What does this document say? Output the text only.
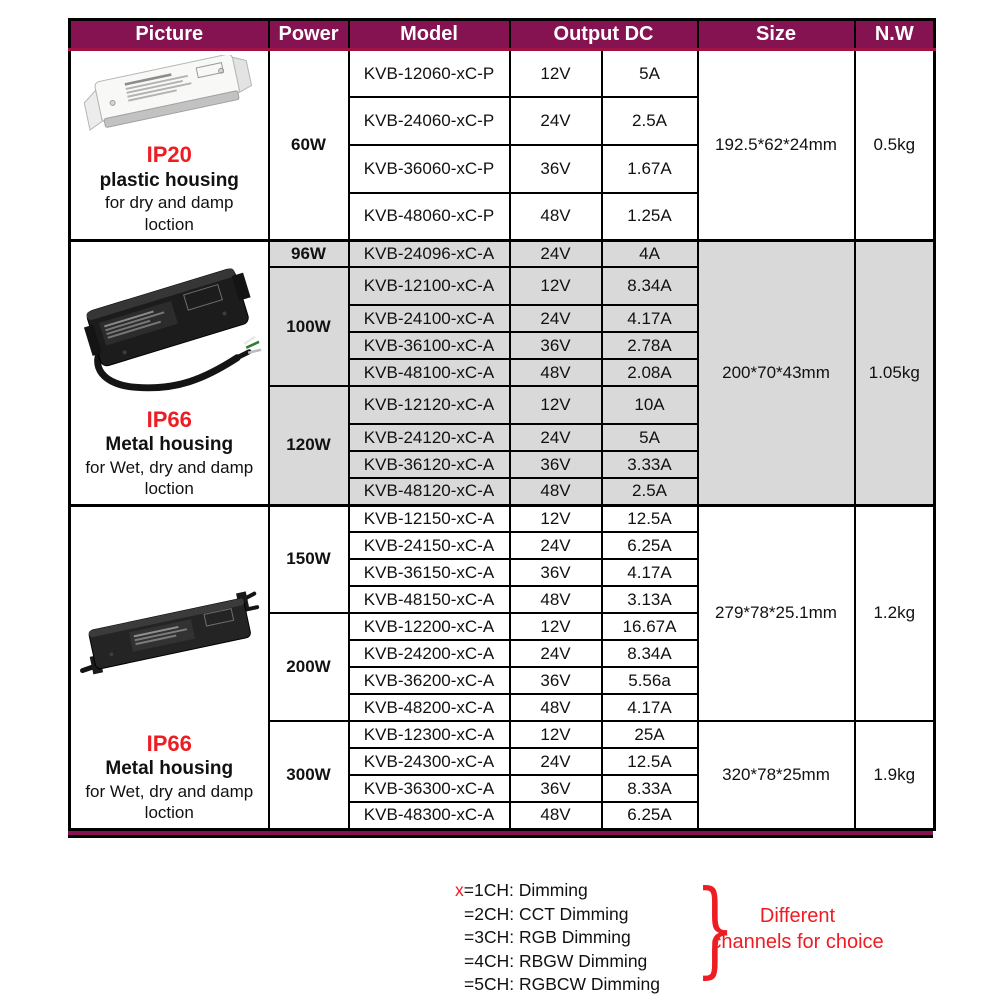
Picture	Power	Model	Output DC		Size	N.W

IP20
plastic housing
for dry and damp
loction	60W	KVB-12060-xC-P	12V	5A	192.5*62*24mm	0.5kg
		KVB-24060-xC-P	24V	2.5A		
		KVB-36060-xC-P	36V	1.67A		
		KVB-48060-xC-P	48V	1.25A		

IP66
Metal housing
for Wet, dry and damp
loction	96W	KVB-24096-xC-A	24V	4A	200*70*43mm	1.05kg
	100W	KVB-12100-xC-A	12V	8.34A		
		KVB-24100-xC-A	24V	4.17A		
		KVB-36100-xC-A	36V	2.78A		
		KVB-48100-xC-A	48V	2.08A		
	120W	KVB-12120-xC-A	12V	10A		
		KVB-24120-xC-A	24V	5A		
		KVB-36120-xC-A	36V	3.33A		
		KVB-48120-xC-A	48V	2.5A		

IP66
Metal housing
for Wet, dry and damp
loction	150W	KVB-12150-xC-A	12V	12.5A	279*78*25.1mm	1.2kg
		KVB-24150-xC-A	24V	6.25A		
		KVB-36150-xC-A	36V	4.17A		
		KVB-48150-xC-A	48V	3.13A		
	200W	KVB-12200-xC-A	12V	16.67A		
		KVB-24200-xC-A	24V	8.34A		
		KVB-36200-xC-A	36V	5.56a		
		KVB-48200-xC-A	48V	4.17A		
	300W	KVB-12300-xC-A	12V	25A	320*78*25mm	1.9kg
		KVB-24300-xC-A	24V	12.5A		
		KVB-36300-xC-A	36V	8.33A		
		KVB-48300-xC-A	48V	6.25A		
x=1CH: Dimming
=2CH: CCT Dimming
=3CH: RGB Dimming
=4CH: RBGW Dimming
=5CH: RGBCW Dimming }	Different
channels for choice
